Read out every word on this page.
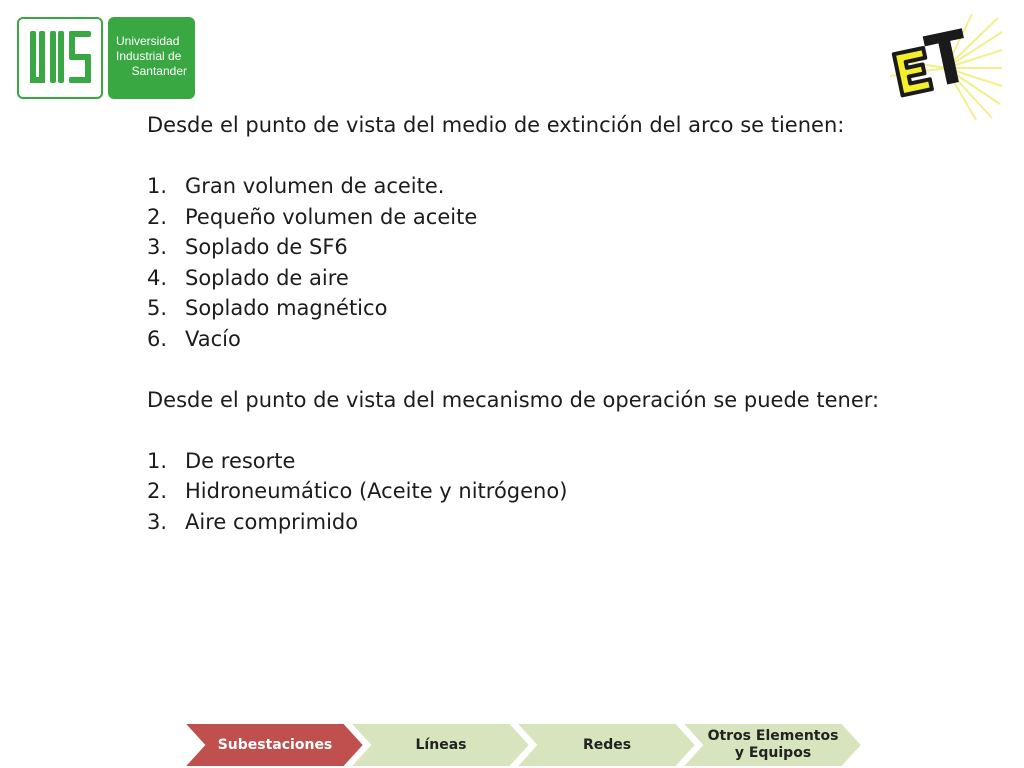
Universidad
Industrial de
Santander
Desde el punto de vista del medio de extinción del arco se tienen:
1. Gran volumen de aceite.
2. Pequeño volumen de aceite
3. Soplado de SF6
4. Soplado de aire
5. Soplado magnético
6. Vacío
Desde el punto de vista del mecanismo de operación se puede tener:
1. De resorte
2. Hidroneumático (Aceite y nitrógeno)
3. Aire comprimido
Subestaciones	Líneas	Redes
Otros Elementos
y Equipos
